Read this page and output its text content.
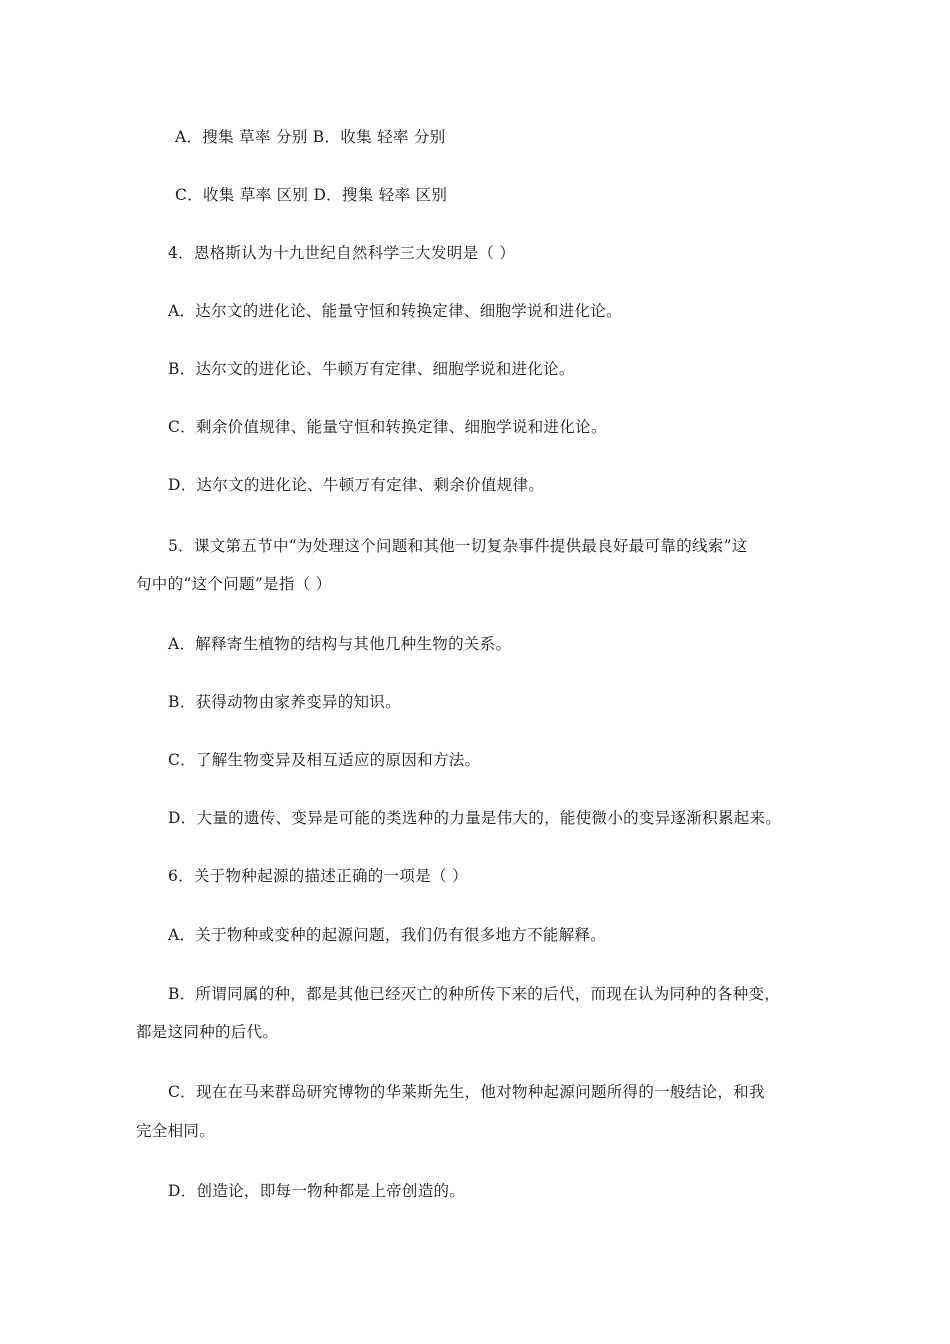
A．搜集 草率 分别 B．收集 轻率 分别
C．收集 草率 区别 D．搜集 轻率 区别
4．恩格斯认为十九世纪自然科学三大发明是（ ）
A．达尔文的进化论、能量守恒和转换定律、细胞学说和进化论。
B．达尔文的进化论、牛顿万有定律、细胞学说和进化论。
C．剩余价值规律、能量守恒和转换定律、细胞学说和进化论。
D．达尔文的进化论、牛顿万有定律、剩余价值规律。
5．课文第五节中“为处理这个问题和其他一切复杂事件提供最良好最可靠的线索”这
句中的“这个问题”是指（ ）
A．解释寄生植物的结构与其他几种生物的关系。
B．获得动物由家养变异的知识。
C．了解生物变异及相互适应的原因和方法。
D．大量的遗传、变异是可能的类选种的力量是伟大的，能使微小的变异逐渐积累起来。
6．关于物种起源的描述正确的一项是（ ）
A．关于物种或变种的起源问题，我们仍有很多地方不能解释。
B．所谓同属的种，都是其他已经灭亡的种所传下来的后代，而现在认为同种的各种变，
都是这同种的后代。
C．现在在马来群岛研究博物的华莱斯先生，他对物种起源问题所得的一般结论，和我
完全相同。
D．创造论，即每一物种都是上帝创造的。
